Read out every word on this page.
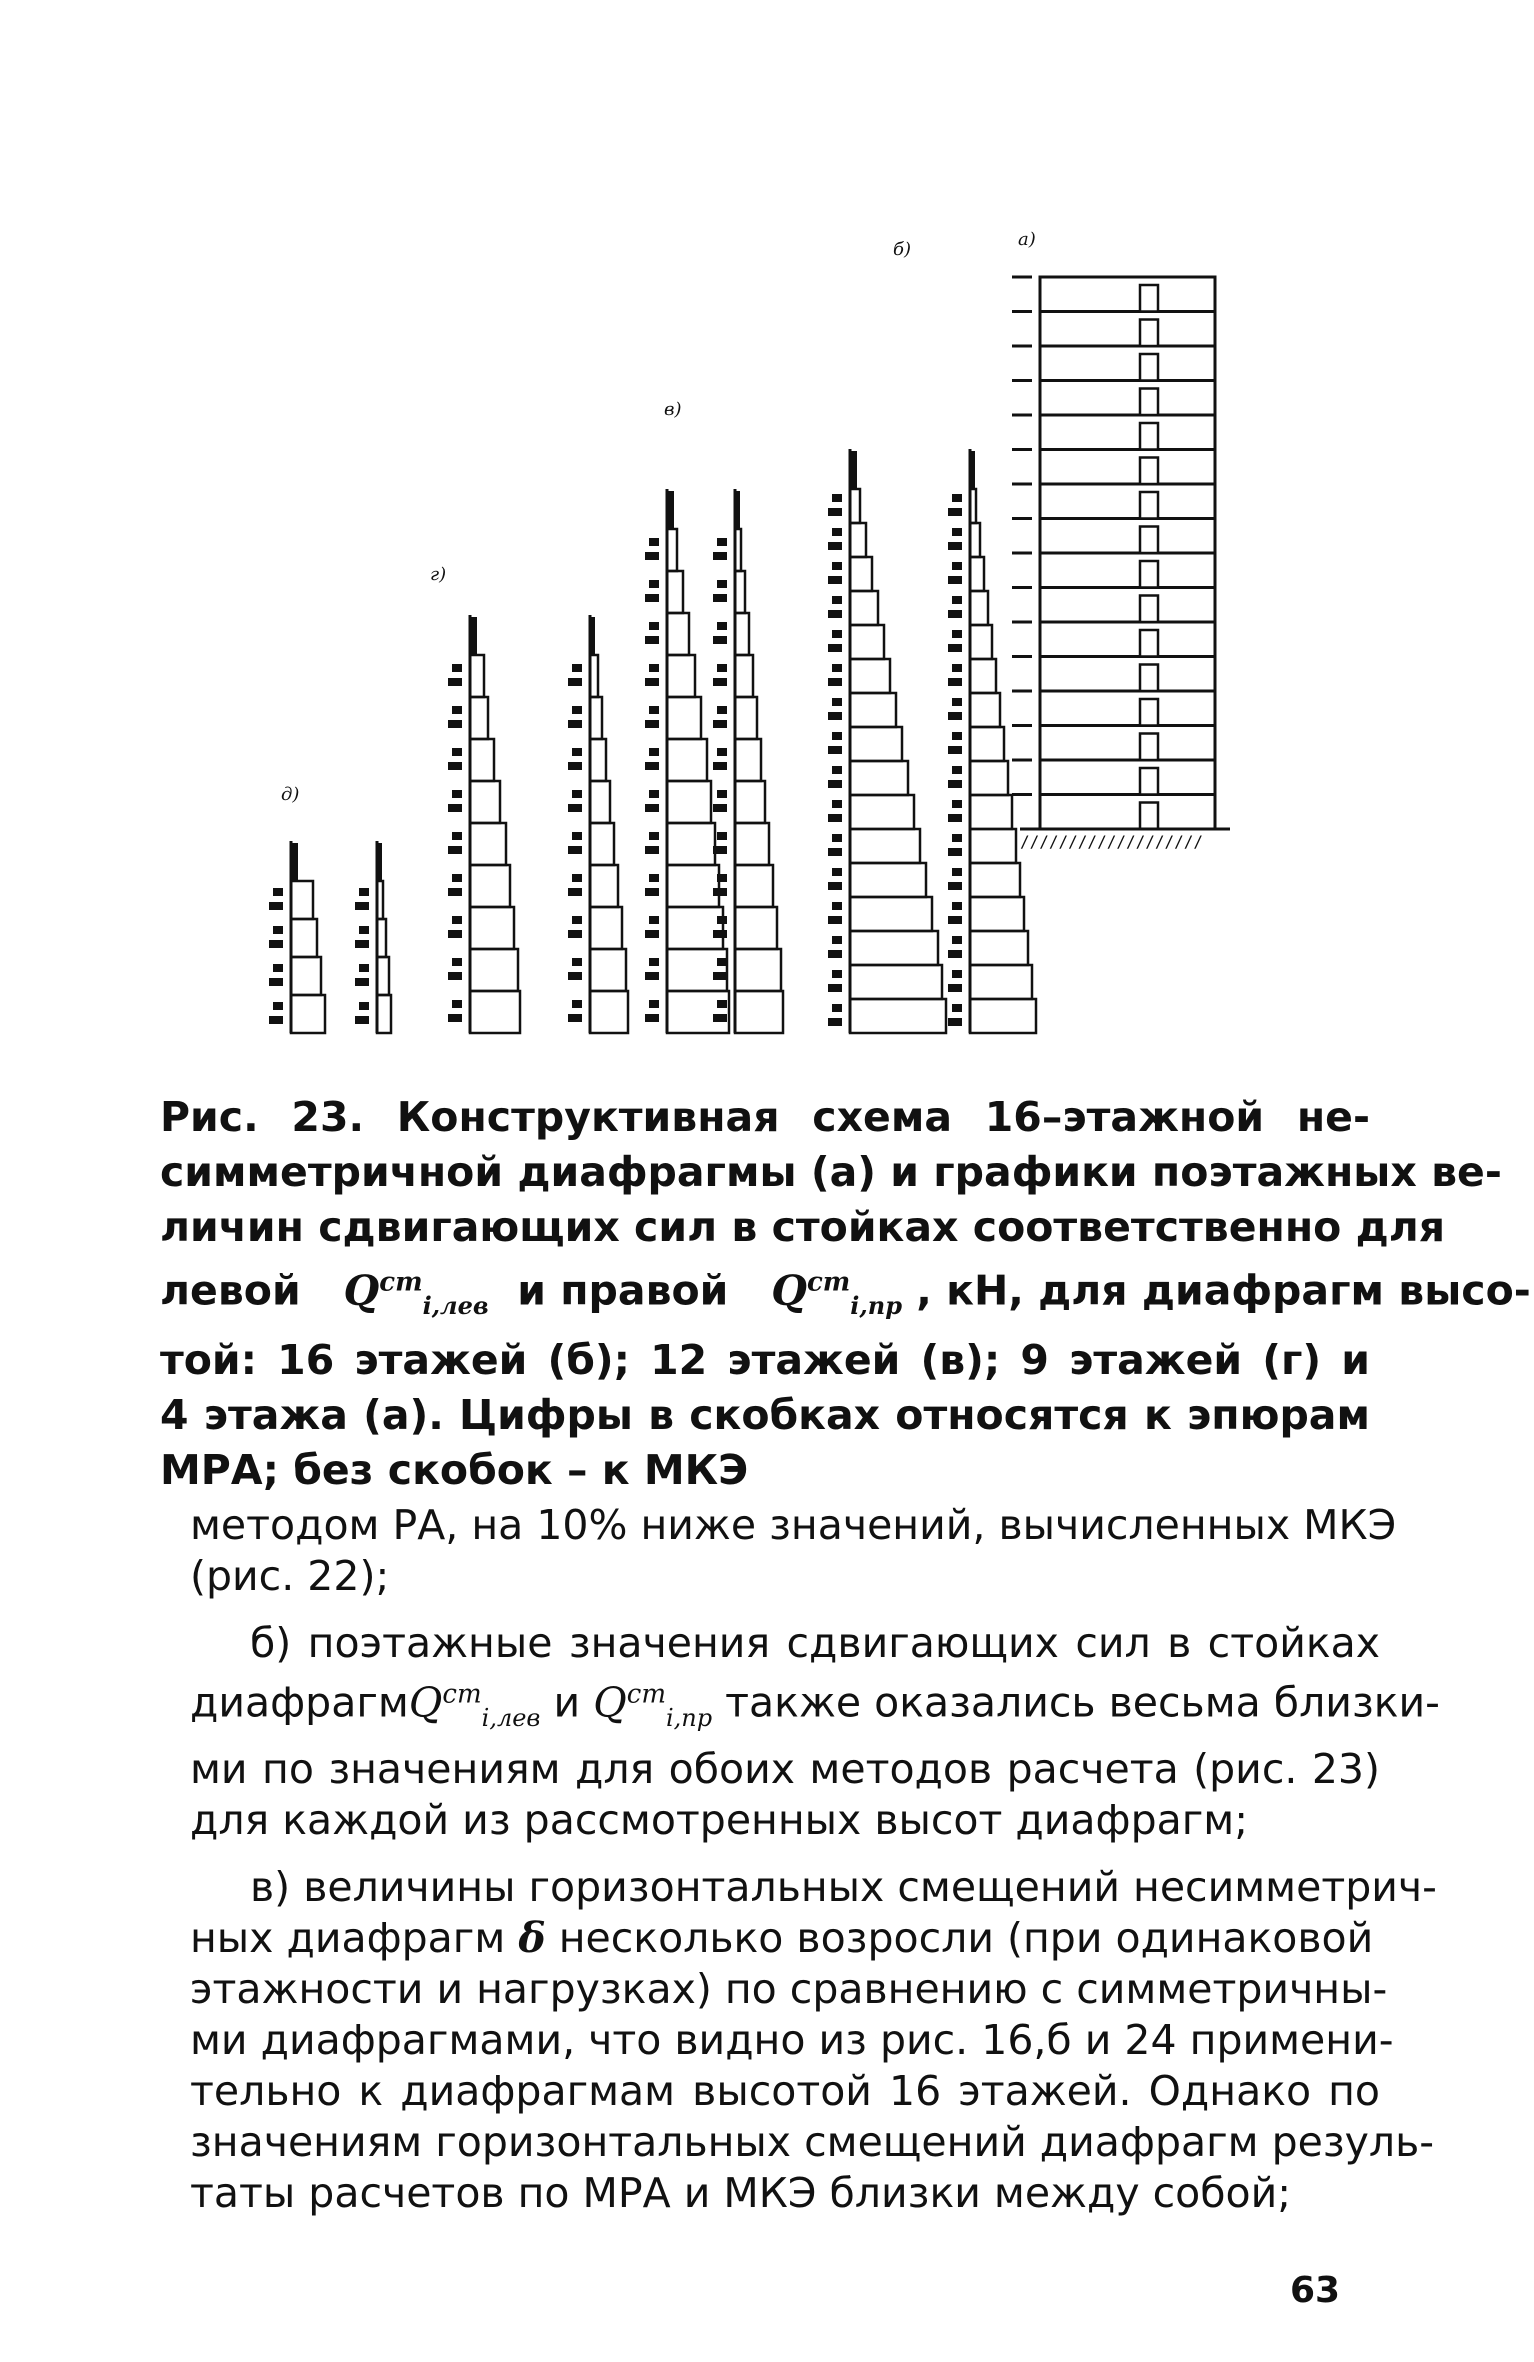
а)
б)
в)
г)
д)
///////////////////
Рис. 23. Конструктивная схема 16–этажной не-
симметричной диафрагмы (а) и графики поэтажных ве-
личин сдвигающих сил в стойках соответственно для
левой $Q^{ст}_{i,лев}$ и правой $Q^{ст}_{i,пр}$ , кН, для диафрагм высо-
той: 16 этажей (б); 12 этажей (в); 9 этажей (г) и
4 этажа (а). Цифры в скобках относятся к эпюрам
МРА; без скобок – к МКЭ
методом РА, на 10% ниже значений, вычисленных МКЭ
(рис. 22);
б) поэтажные значения сдвигающих сил в стойках
диафрагмQ$^{ст}_{i,лев}$ и $Q^{ст}_{i,пр}$ также оказались весьма близки-
ми по значениям для обоих методов расчета (рис. 23)
для каждой из рассмотренных высот диафрагм;
в) величины горизонтальных смещений несимметрич-
ных диафрагм δ несколько возросли (при одинаковой
этажности и нагрузках) по сравнению с симметричны-
ми диафрагмами, что видно из рис. 16,б и 24 примени-
тельно к диафрагмам высотой 16 этажей. Однако по
значениям горизонтальных смещений диафрагм резуль-
таты расчетов по МРА и МКЭ близки между собой;
63
